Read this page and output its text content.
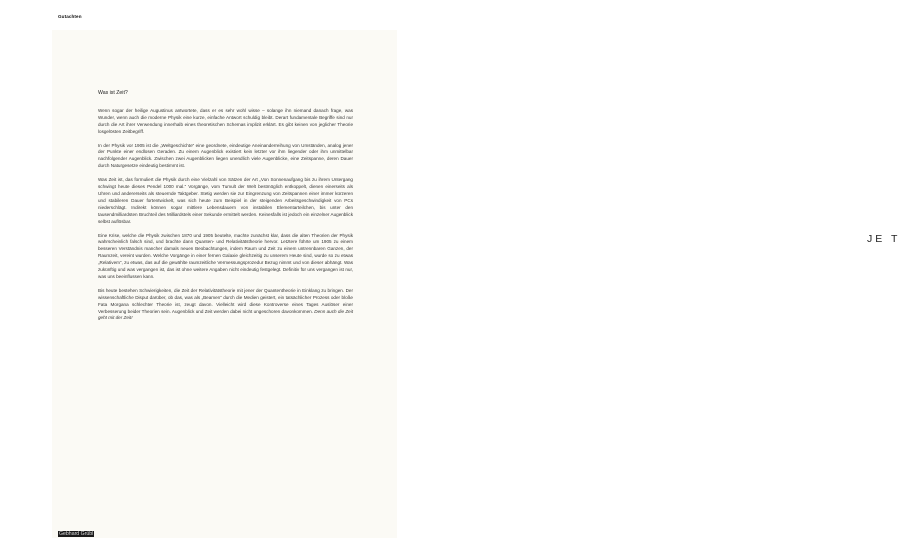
Gutachten
Was ist Zeit?

Wenn sogar der heilige Augustinus antwortete, dass er es sehr wohl wisse – solange ihn niemand danach frage, was Wunder, wenn auch die moderne Physik eine kurze, einfache Antwort schuldig bleibt. Derart fundamentale Begriffe sind nur durch die Art ihrer Verwendung innerhalb eines theoretischen Schemas implizit erklärt. Es gibt keinen von jeglicher Theorie losgelösten Zeitbegriff.

In der Physik vor 1905 ist die „Weltgeschichte“ eine geordnete, eindeutige Aneinanderreihung von Umständen, analog jener der Punkte einer endlosen Geraden. Zu einem Augenblick existiert kein letzter vor ihm liegender oder ihm unmittelbar nachfolgender Augenblick. Zwischen zwei Augenblicken liegen unendlich viele Augenblicke, eine Zeitspanne, deren Dauer durch Naturgesetze eindeutig bestimmt ist.

Was Zeit ist, das formuliert die Physik durch eine Vielzahl von Sätzen der Art „Von Sonnenaufgang bis zu ihrem Untergang schwingt heute dieses Pendel 1000 mal.“ Vorgänge, vom Tumult der Welt bestmöglich entkoppelt, dienen einerseits als Uhren und andererseits als steuernde Taktgeber. Stetig werden sie zur Eingrenzung von Zeitspannen einer immer kürzeren und stabileren Dauer fortentwickelt, was sich heute zum Beispiel in der steigenden Arbeitsgeschwindigkeit von PCs niederschlägt. Indirekt können sogar mittlere Lebensdauern von instabilen Elementarteilchen, bis unter den tausendmilliardsten Bruchteil des Milliardstels einer Sekunde ermittelt werden. Keinesfalls ist jedoch ein einzelner Augenblick selbst auflösbar.

Eine Krise, welche die Physik zwischen 1870 und 1905 beutelte, machte zunächst klar, dass die alten Theorien der Physik wahrscheinlich falsch sind, und brachte dann Quanten- und Relativitätstheorie hervor. Letztere führte um 1905 zu einem besseren Verständnis mancher damals neuen Beobachtungen, indem Raum und Zeit zu einem untrennbaren Ganzen, der Raumzeit, vereint wurden. Welche Vorgänge in einer fernen Galaxie gleichzeitig zu unserem Heute sind, wurde so zu etwas „Relativem“, zu etwas, das auf die gewählte raumzeitliche Vermessungsprozedur Bezug nimmt und von dieser abhängt. Was zukünftig und was vergangen ist, das ist ohne weitere Angaben nicht eindeutig festgelegt. Definitiv für uns vergangen ist nur, was uns beeinflussen kann.

Bis heute bestehen Schwierigkeiten, die Zeit der Relativitätstheorie mit jener der Quantentheorie in Einklang zu bringen. Der wissenschaftliche Disput darüber, ob das, was als „Beamen“ durch die Medien geistert, ein tatsächlicher Prozess oder bloße Fata Morgana schlechter Theorie ist, zeugt davon. Vielleicht wird diese Kontroverse eines Tages Auslöser einer Verbesserung beider Theorien sein. Augenblick und Zeit werden dabei nicht ungeschoren davonkommen. Denn auch die Zeit geht mit der Zeit!

Gebhard Grübl
JE T
